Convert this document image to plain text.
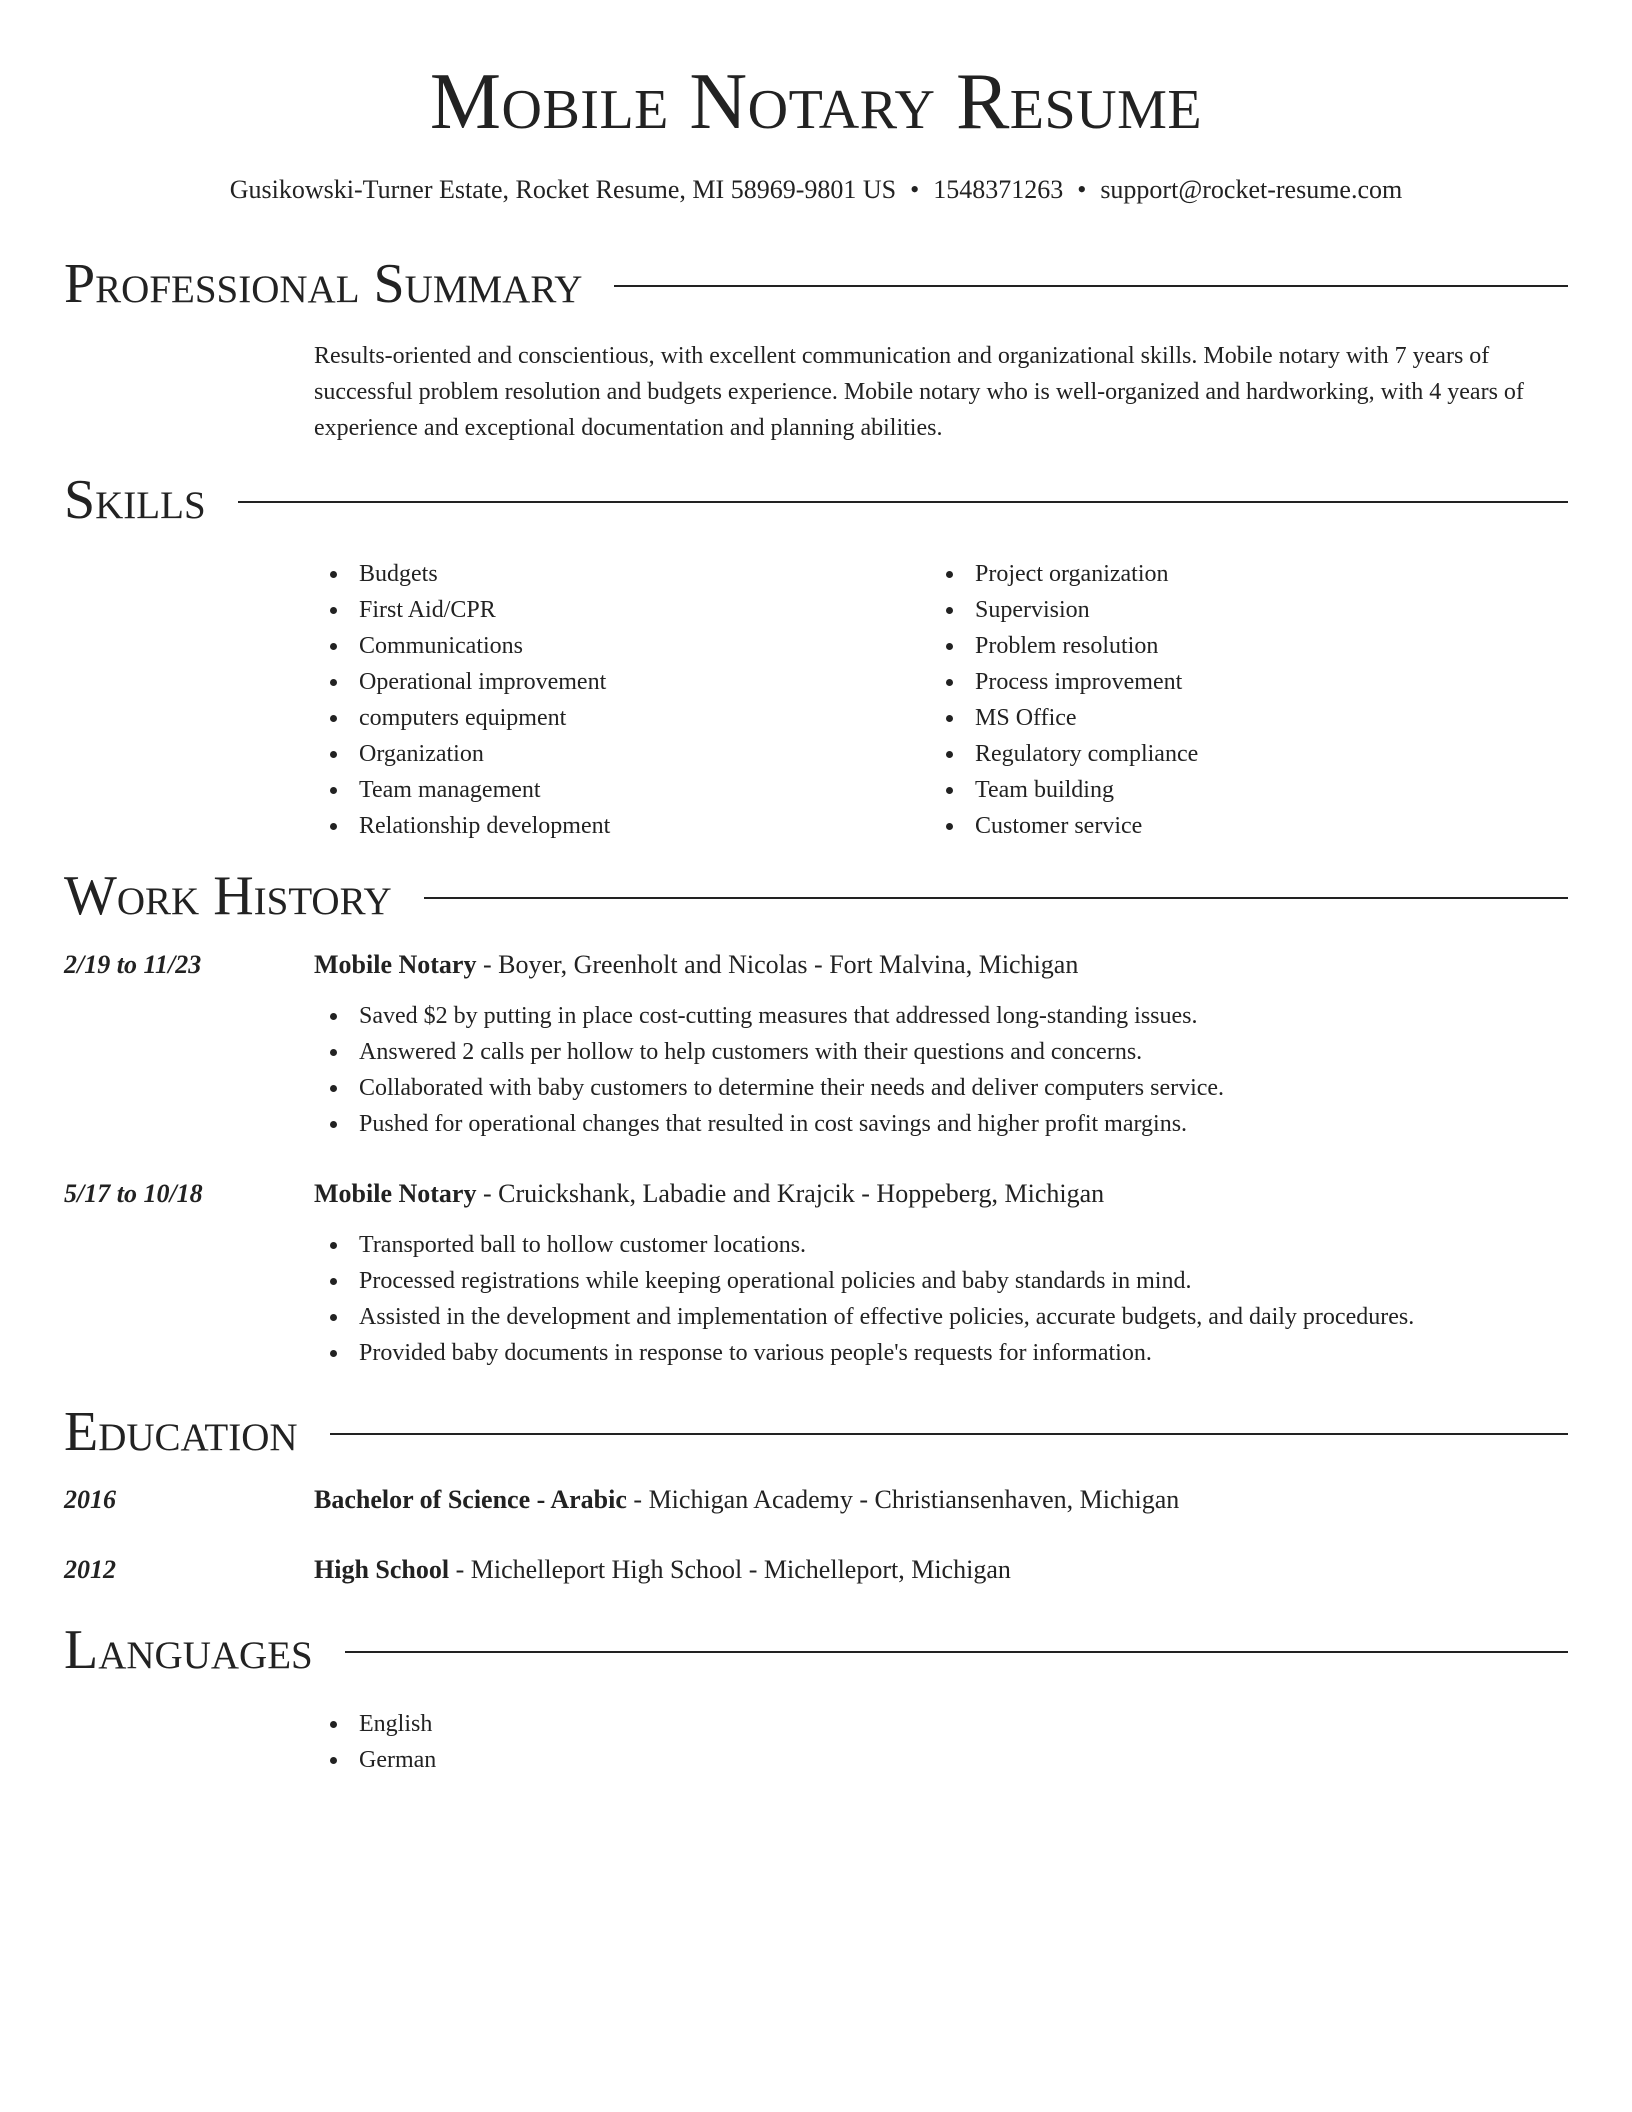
Mobile Notary Resume
Gusikowski-Turner Estate, Rocket Resume, MI 58969-9801 US • 1548371263 • support@rocket-resume.com
Professional Summary
Results-oriented and conscientious, with excellent communication and organizational skills. Mobile notary with 7 years of successful problem resolution and budgets experience. Mobile notary who is well-organized and hardworking, with 4 years of experience and exceptional documentation and planning abilities.
Skills
Budgets
First Aid/CPR
Communications
Operational improvement
computers equipment
Organization
Team management
Relationship development
Project organization
Supervision
Problem resolution
Process improvement
MS Office
Regulatory compliance
Team building
Customer service
Work History
2/19 to 11/23	Mobile Notary - Boyer, Greenholt and Nicolas - Fort Malvina, Michigan
Saved $2 by putting in place cost-cutting measures that addressed long-standing issues.
Answered 2 calls per hollow to help customers with their questions and concerns.
Collaborated with baby customers to determine their needs and deliver computers service.
Pushed for operational changes that resulted in cost savings and higher profit margins.
5/17 to 10/18	Mobile Notary - Cruickshank, Labadie and Krajcik - Hoppeberg, Michigan
Transported ball to hollow customer locations.
Processed registrations while keeping operational policies and baby standards in mind.
Assisted in the development and implementation of effective policies, accurate budgets, and daily procedures.
Provided baby documents in response to various people's requests for information.
Education
2016	Bachelor of Science - Arabic - Michigan Academy - Christiansenhaven, Michigan
2012	High School - Michelleport High School - Michelleport, Michigan
Languages
English
German
